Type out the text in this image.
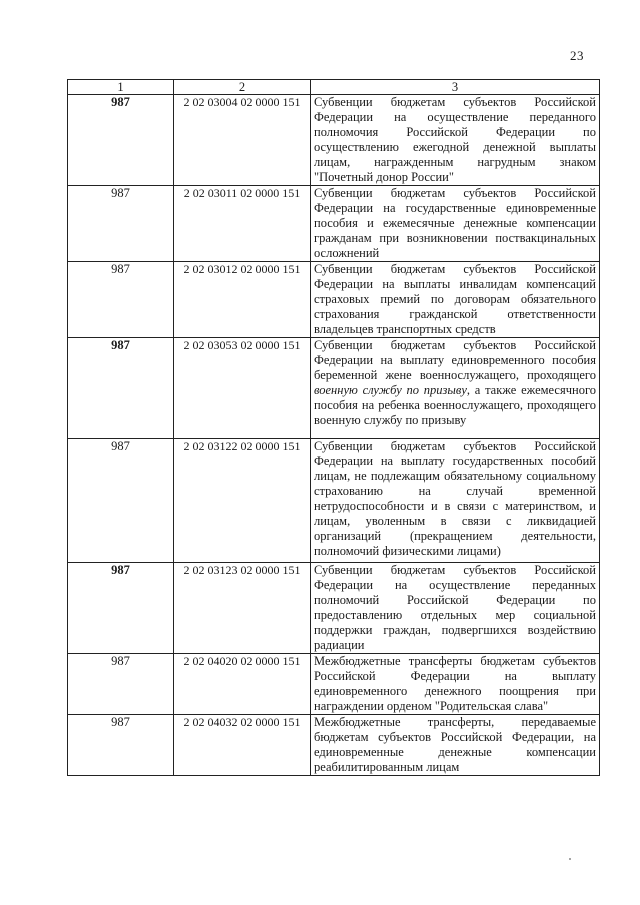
23
1	2	3
987	2 02 03004 02 0000 151	Субвенции бюджетам субъектов Российской Федерации на осуществление переданного полномочия Российской Федерации по осуществлению ежегодной денежной выплаты лицам, награжденным нагрудным знаком "Почетный донор России"
987	2 02 03011 02 0000 151	Субвенции бюджетам субъектов Российской Федерации на государственные единовременные пособия и ежемесячные денежные компенсации гражданам при возникновении поствакцинальных осложнений
987	2 02 03012 02 0000 151	Субвенции бюджетам субъектов Российской Федерации на выплаты инвалидам компенсаций страховых премий по договорам обязательного страхования гражданской ответственности владельцев транспортных средств
987	2 02 03053 02 0000 151	Субвенции бюджетам субъектов Российской Федерации на выплату единовременного пособия беременной жене военнослужащего, проходящего военную службу по призыву, а также ежемесячного пособия на ребенка военнослужащего, проходящего военную службу по призыву
987	2 02 03122 02 0000 151	Субвенции бюджетам субъектов Российской Федерации на выплату государственных пособий лицам, не подлежащим обязательному социальному страхованию на случай временной нетрудоспособности и в связи с материнством, и лицам, уволенным в связи с ликвидацией организаций (прекращением деятельности, полномочий физическими лицами)
987	2 02 03123 02 0000 151	Субвенции бюджетам субъектов Российской Федерации на осуществление переданных полномочий Российской Федерации по предоставлению отдельных мер социальной поддержки граждан, подвергшихся воздействию радиации
987	2 02 04020 02 0000 151	Межбюджетные трансферты бюджетам субъектов Российской Федерации на выплату единовременного денежного поощрения при награждении орденом "Родительская слава"
987	2 02 04032 02 0000 151	Межбюджетные трансферты, передаваемые бюджетам субъектов Российской Федерации, на единовременные денежные компенсации реабилитированным лицам
